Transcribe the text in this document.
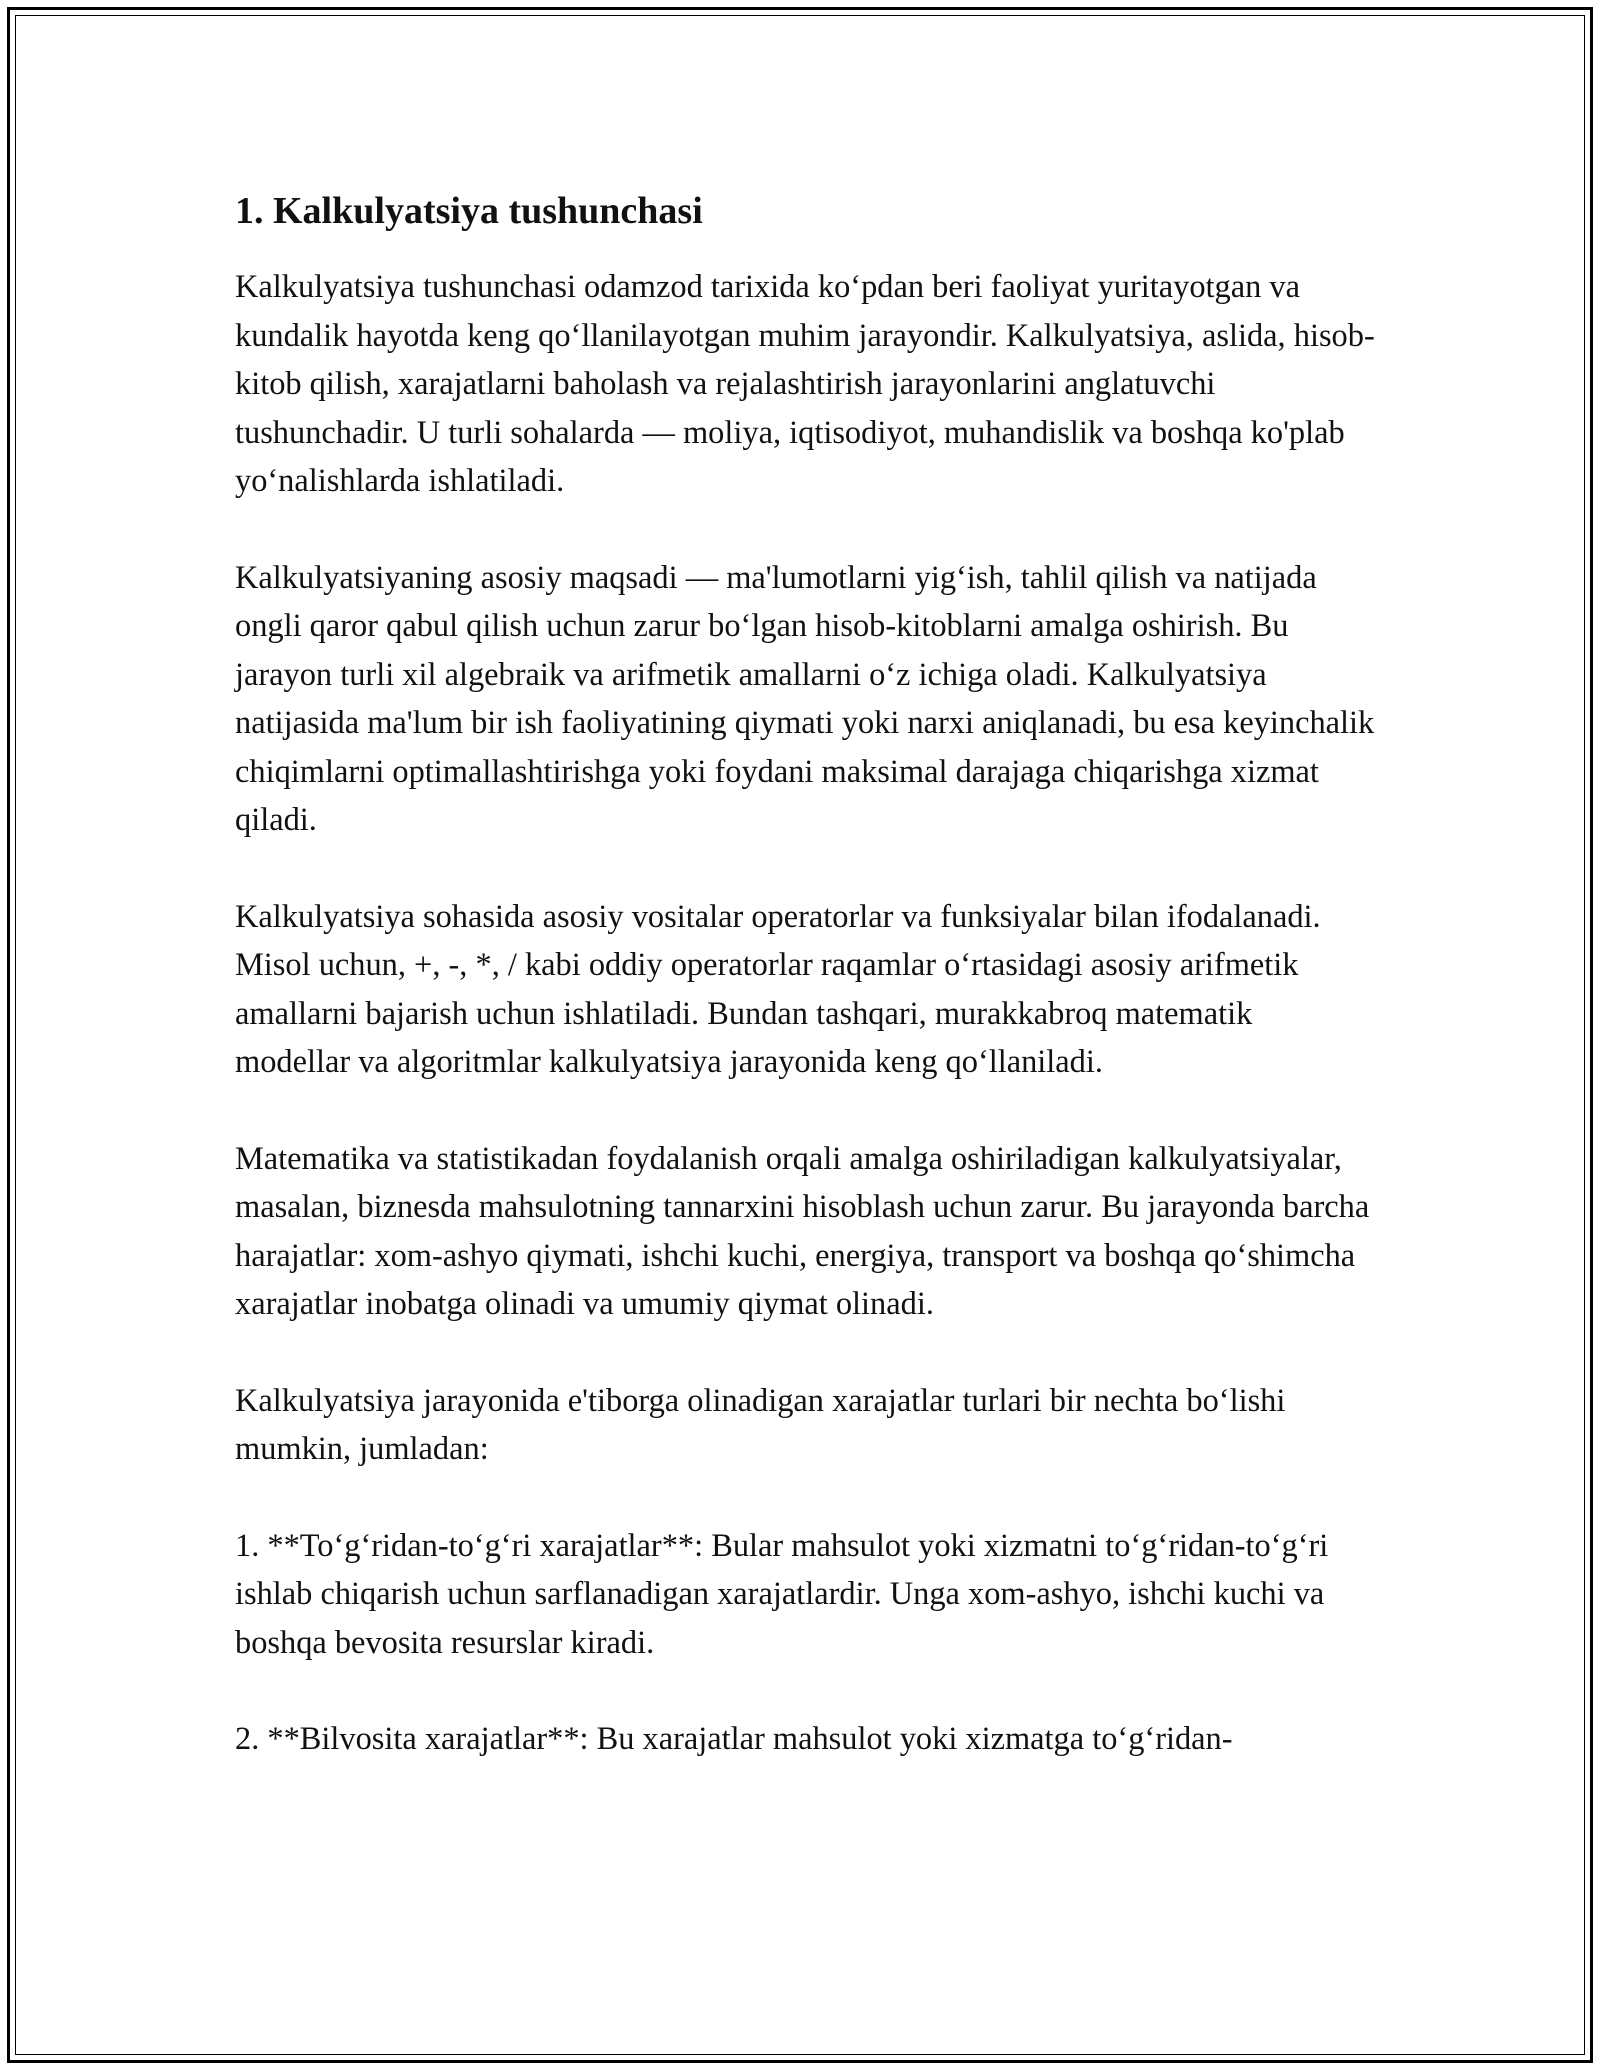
1. Kalkulyatsiya tushunchasi

Kalkulyatsiya tushunchasi odamzod tarixida ko‘pdan beri faoliyat yuritayotgan va kundalik hayotda keng qo‘llanilayotgan muhim jarayondir. Kalkulyatsiya, aslida, hisob-kitob qilish, xarajatlarni baholash va rejalashtirish jarayonlarini anglatuvchi tushunchadir. U turli sohalarda — moliya, iqtisodiyot, muhandislik va boshqa ko'plab yo‘nalishlarda ishlatiladi.

Kalkulyatsiyaning asosiy maqsadi — ma'lumotlarni yig‘ish, tahlil qilish va natijada ongli qaror qabul qilish uchun zarur bo‘lgan hisob-kitoblarni amalga oshirish. Bu jarayon turli xil algebraik va arifmetik amallarni o‘z ichiga oladi. Kalkulyatsiya natijasida ma'lum bir ish faoliyatining qiymati yoki narxi aniqlanadi, bu esa keyinchalik chiqimlarni optimallashtirishga yoki foydani maksimal darajaga chiqarishga xizmat qiladi.

Kalkulyatsiya sohasida asosiy vositalar operatorlar va funksiyalar bilan ifodalanadi. Misol uchun, +, -, *, / kabi oddiy operatorlar raqamlar o‘rtasidagi asosiy arifmetik amallarni bajarish uchun ishlatiladi. Bundan tashqari, murakkabroq matematik modellar va algoritmlar kalkulyatsiya jarayonida keng qo‘llaniladi.

Matematika va statistikadan foydalanish orqali amalga oshiriladigan kalkulyatsiyalar, masalan, biznesda mahsulotning tannarxini hisoblash uchun zarur. Bu jarayonda barcha harajatlar: xom-ashyo qiymati, ishchi kuchi, energiya, transport va boshqa qo‘shimcha xarajatlar inobatga olinadi va umumiy qiymat olinadi.

Kalkulyatsiya jarayonida e'tiborga olinadigan xarajatlar turlari bir nechta bo‘lishi mumkin, jumladan:

1. **To‘g‘ridan-to‘g‘ri xarajatlar**: Bular mahsulot yoki xizmatni to‘g‘ridan-to‘g‘ri ishlab chiqarish uchun sarflanadigan xarajatlardir. Unga xom-ashyo, ishchi kuchi va boshqa bevosita resurslar kiradi.

2. **Bilvosita xarajatlar**: Bu xarajatlar mahsulot yoki xizmatga to‘g‘ridan-
